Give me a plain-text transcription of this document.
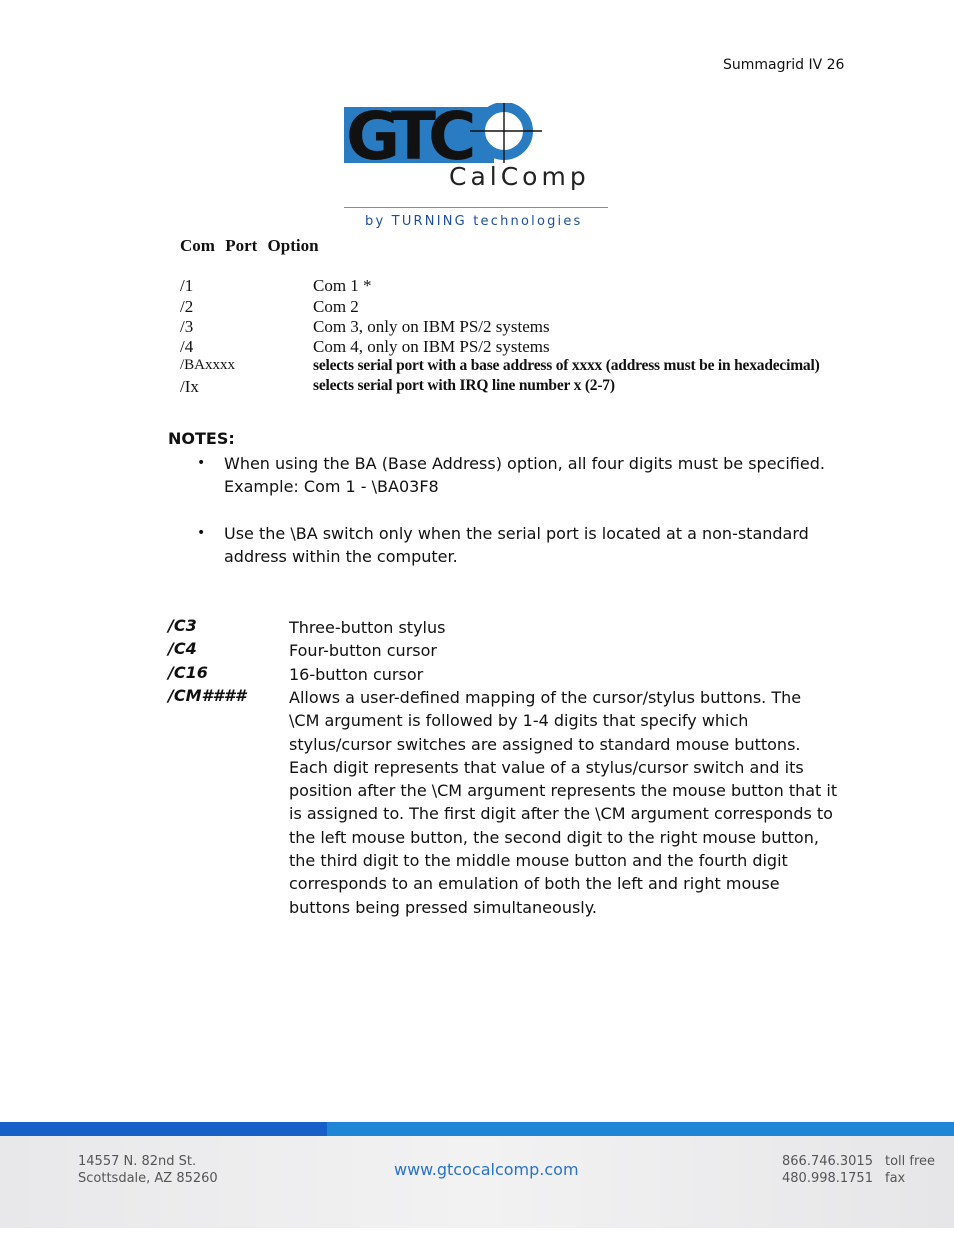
Summagrid IV 26
GTC
CalComp
by TURNING technologies
Com Port Option
/1	Com 1 *
/2	Com 2
/3	Com 3, only on IBM PS/2 systems
/4	Com 4, only on IBM PS/2 systems
/BAxxxx	selects serial port with a base address of xxxx (address must be in hexadecimal)
/Ix	selects serial port with IRQ line number x (2-7)
NOTES:
• When using the BA (Base Address) option, all four digits must be specified.
Example: Com 1 - \BA03F8
• Use the \BA switch only when the serial port is located at a non-standard
address within the computer.
/C3	Three-button stylus
/C4	Four-button cursor
/C16	16-button cursor
/CM####	Allows a user-defined mapping of the cursor/stylus buttons. The
\CM argument is followed by 1-4 digits that specify which
stylus/cursor switches are assigned to standard mouse buttons.
Each digit represents that value of a stylus/cursor switch and its
position after the \CM argument represents the mouse button that it
is assigned to. The first digit after the \CM argument corresponds to
the left mouse button, the second digit to the right mouse button,
the third digit to the middle mouse button and the fourth digit
corresponds to an emulation of both the left and right mouse
buttons being pressed simultaneously.
14557 N. 82nd St.
Scottsdale, AZ 85260	www.gtcocalcomp.com	866.746.3015
480.998.1751
toll free
fax
